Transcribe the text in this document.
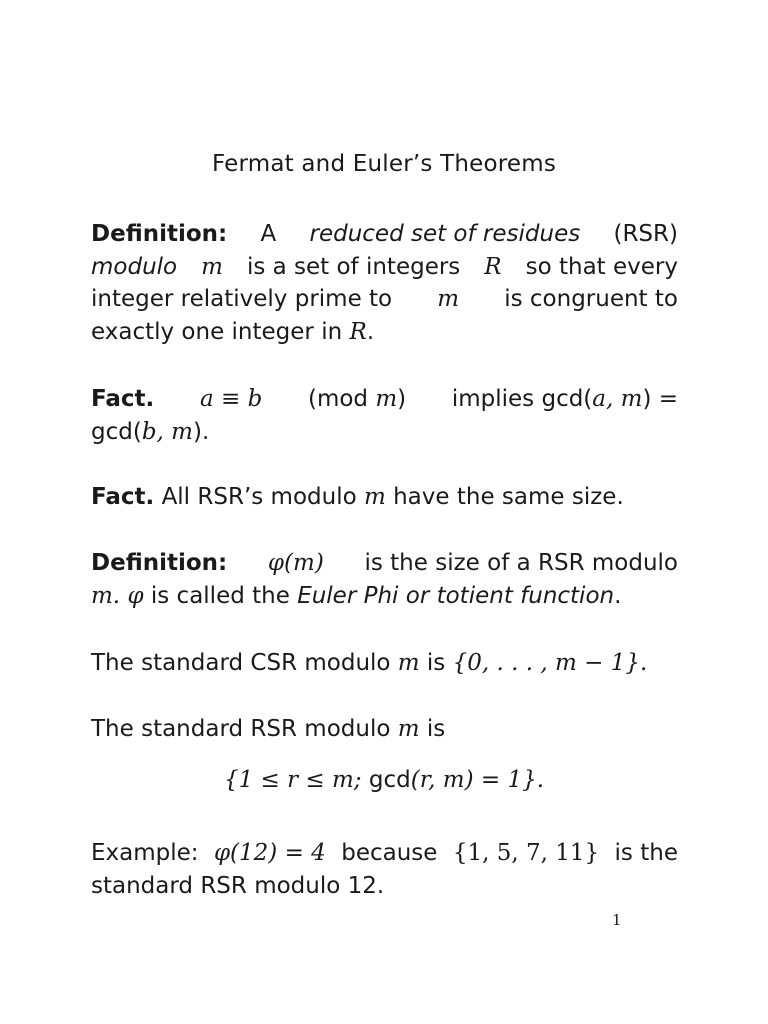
Fermat and Euler’s Theorems
Definition: A reduced set of residues (RSR)
modulo m is a set of integers R so that every
integer relatively prime to m is congruent to
exactly one integer in R.
Fact. a ≡ b (mod m) implies gcd(a, m) =
gcd(b, m).
Fact. All RSR’s modulo m have the same size.
Definition: φ(m) is the size of a RSR modulo
m. φ is called the Euler Phi or totient function.
The standard CSR modulo m is {0, . . . , m − 1}.
The standard RSR modulo m is
{1 ≤ r ≤ m; gcd(r, m) = 1}.
Example: φ(12) = 4 because {1, 5, 7, 11} is the
standard RSR modulo 12.
1
